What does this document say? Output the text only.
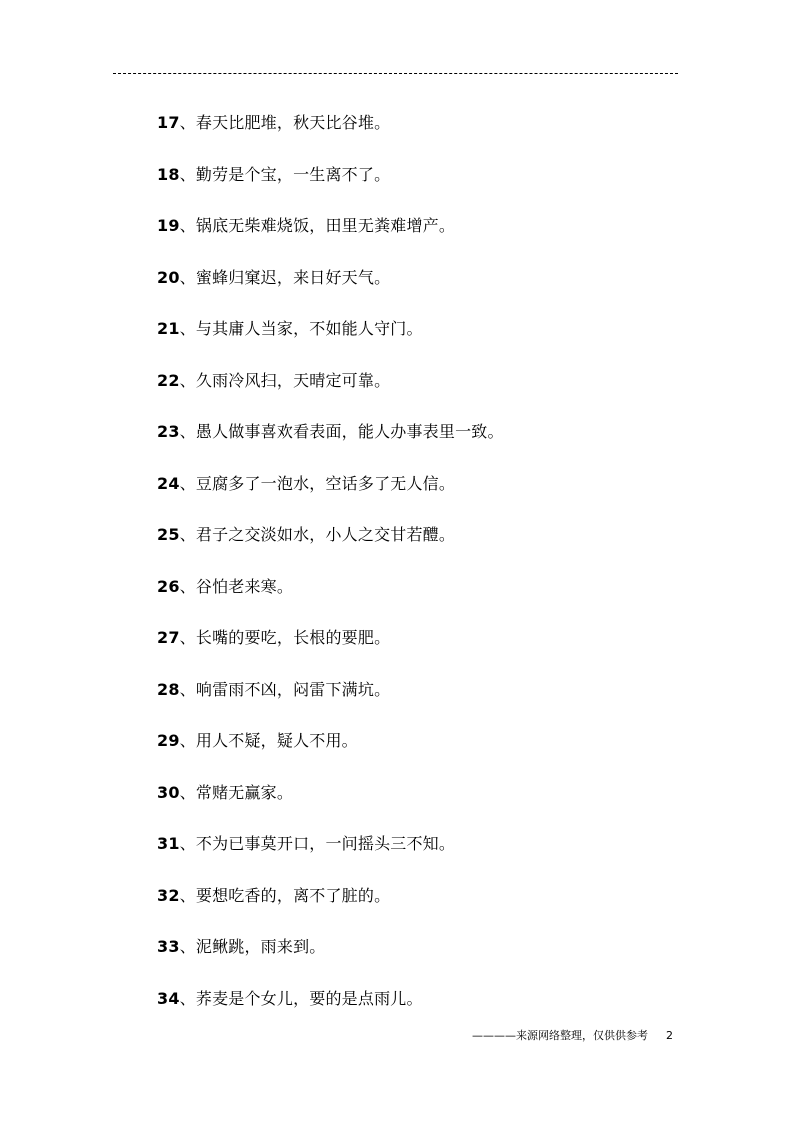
17、春天比肥堆，秋天比谷堆。
18、勤劳是个宝，一生离不了。
19、锅底无柴难烧饭，田里无粪难增产。
20、蜜蜂归窠迟，来日好天气。
21、与其庸人当家，不如能人守门。
22、久雨冷风扫，天晴定可靠。
23、愚人做事喜欢看表面，能人办事表里一致。
24、豆腐多了一泡水，空话多了无人信。
25、君子之交淡如水，小人之交甘若醴。
26、谷怕老来寒。
27、长嘴的要吃，长根的要肥。
28、响雷雨不凶，闷雷下满坑。
29、用人不疑，疑人不用。
30、常赌无赢家。
31、不为已事莫开口，一问摇头三不知。
32、要想吃香的，离不了脏的。
33、泥鳅跳，雨来到。
34、荞麦是个女儿，要的是点雨儿。
————来源网络整理，仅供供参考 2
